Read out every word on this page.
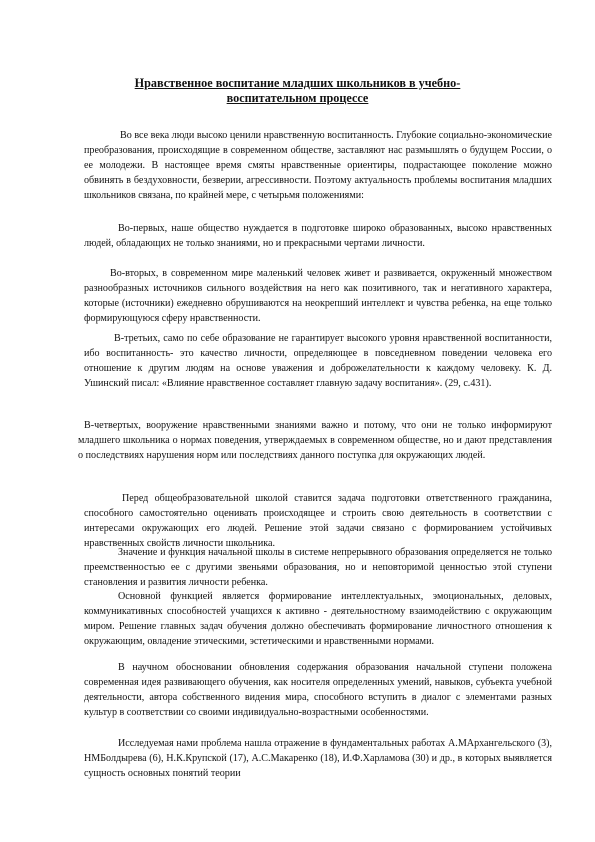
Нравственное воспитание младших школьников в учебно-
воспитательном процессе

Во все века люди высоко ценили нравственную воспитанность. Глубокие социально-экономические преобразования, происходящие в современном обществе, заставляют нас размышлять о будущем России, о ее молодежи. В настоящее время смяты нравственные ориентиры, подрастающее поколение можно обвинять в бездуховности, безверии, агрессивности. Поэтому актуальность проблемы воспитания младших школьников связана, по крайней мере, с четырьмя положениями:

Во-первых, наше общество нуждается в подготовке широко образованных, высоко нравственных людей, обладающих не только знаниями, но и прекрасными чертами личности.

Во-вторых, в современном мире маленький человек живет и развивается, окруженный множеством разнообразных источников сильного воздействия на него как позитивного, так и негативного характера, которые (источники) ежедневно обрушиваются на неокрепший интеллект и чувства ребенка, на еще только формирующуюся сферу нравственности.

В-третьих, само по себе образование не гарантирует высокого уровня нравственной воспитанности, ибо воспитанность- это качество личности, определяющее в повседневном поведении человека его отношение к другим людям на основе уважения и доброжелательности к каждому человеку. К. Д. Ушинский писал: «Влияние нравственное составляет главную задачу воспитания». (29, с.431).

В-четвертых, вооружение нравственными знаниями важно и потому, что они не только информируют младшего школьника о нормах поведения, утверждаемых в современном обществе, но и дают представления о последствиях нарушения норм или последствиях данного поступка для окружающих людей.

Перед общеобразовательной школой ставится задача подготовки ответственного гражданина, способного самостоятельно оценивать происходящее и строить свою деятельность в соответствии с интересами окружающих его людей. Решение этой задачи связано с формированием устойчивых нравственных свойств личности школьника.

Значение и функция начальной школы в системе непрерывного образования определяется не только преемственностью ее с другими звеньями образования, но и неповторимой ценностью этой ступени становления и развития личности ребенка.

Основной функцией является формирование интеллектуальных, эмоциональных, деловых, коммуникативных способностей учащихся к активно - деятельностному взаимодействию с окружающим миром. Решение главных задач обучения должно обеспечивать формирование личностного отношения к окружающим, овладение этическими, эстетическими и нравственными нормами.

В научном обосновании обновления содержания образования начальной ступени положена современная идея развивающего обучения, как носителя определенных умений, навыков, субъекта учебной деятельности, автора собственного видения мира, способного вступить в диалог с элементами разных культур в соответствии со своими индивидуально-возрастными особенностями.

Исследуемая нами проблема нашла отражение в фундаментальных работах А.МАрхангельского (3), НМБолдырева (6), Н.К.Крупской (17), А.С.Макаренко (18), И.Ф.Харламова (30) и др., в которых выявляется сущность основных понятий теории
